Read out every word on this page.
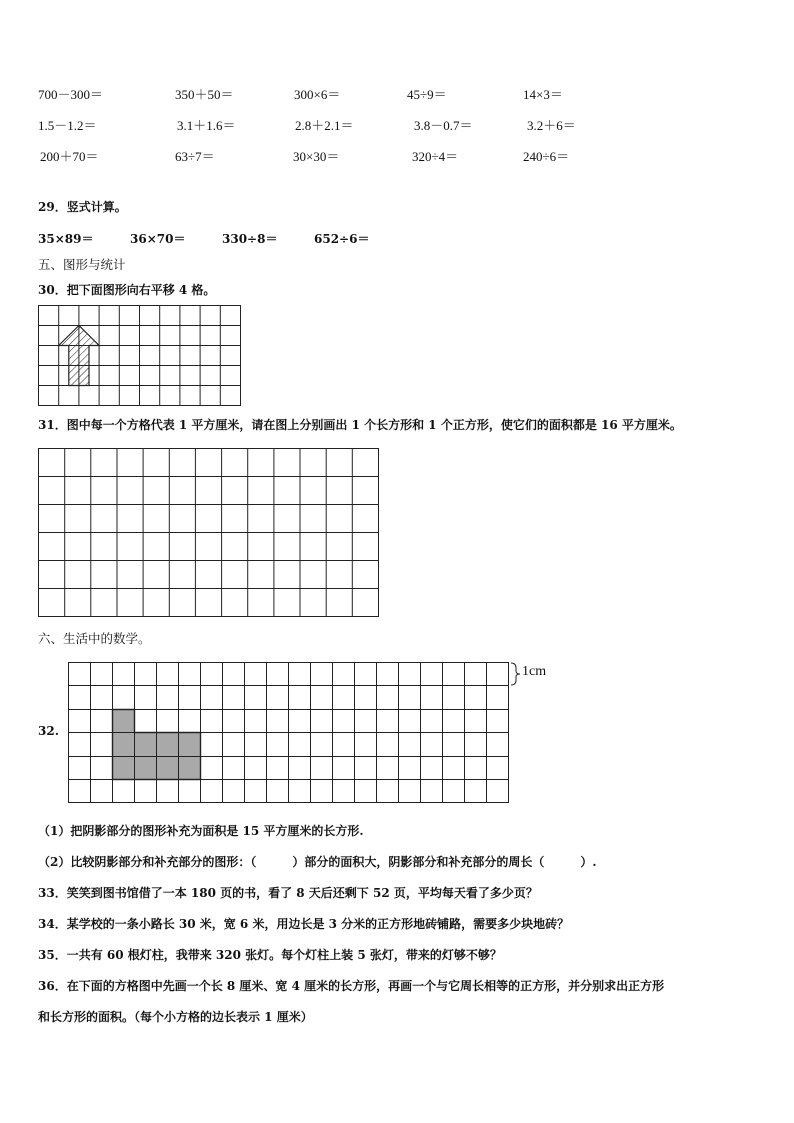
700－300＝	350＋50＝	300×6＝	45÷9＝	14×3＝
1.5－1.2＝	3.1＋1.6＝	2.8＋2.1＝	3.8－0.7＝	3.2＋6＝
200＋70＝	63÷7＝	30×30＝	320÷4＝	240÷6＝
29．竖式计算。
35×89＝	36×70＝	330÷8＝	652÷6＝
五、图形与统计
30．把下面图形向右平移 4 格。
31．图中每一个方格代表 1 平方厘米，请在图上分别画出 1 个长方形和 1 个正方形，使它们的面积都是 16 平方厘米。
六、生活中的数学。
32.
1cm
（1）把阴影部分的图形补充为面积是 15 平方厘米的长方形.
（2）比较阴影部分和补充部分的图形：（　　　）部分的面积大，阴影部分和补充部分的周长（　　　）.
33．笑笑到图书馆借了一本 180 页的书，看了 8 天后还剩下 52 页，平均每天看了多少页？
34．某学校的一条小路长 30 米，宽 6 米，用边长是 3 分米的正方形地砖铺路，需要多少块地砖？
35．一共有 60 根灯柱，我带来 320 张灯。每个灯柱上装 5 张灯，带来的灯够不够？
36．在下面的方格图中先画一个长 8 厘米、宽 4 厘米的长方形，再画一个与它周长相等的正方形，并分别求出正方形
和长方形的面积。（每个小方格的边长表示 1 厘米）
